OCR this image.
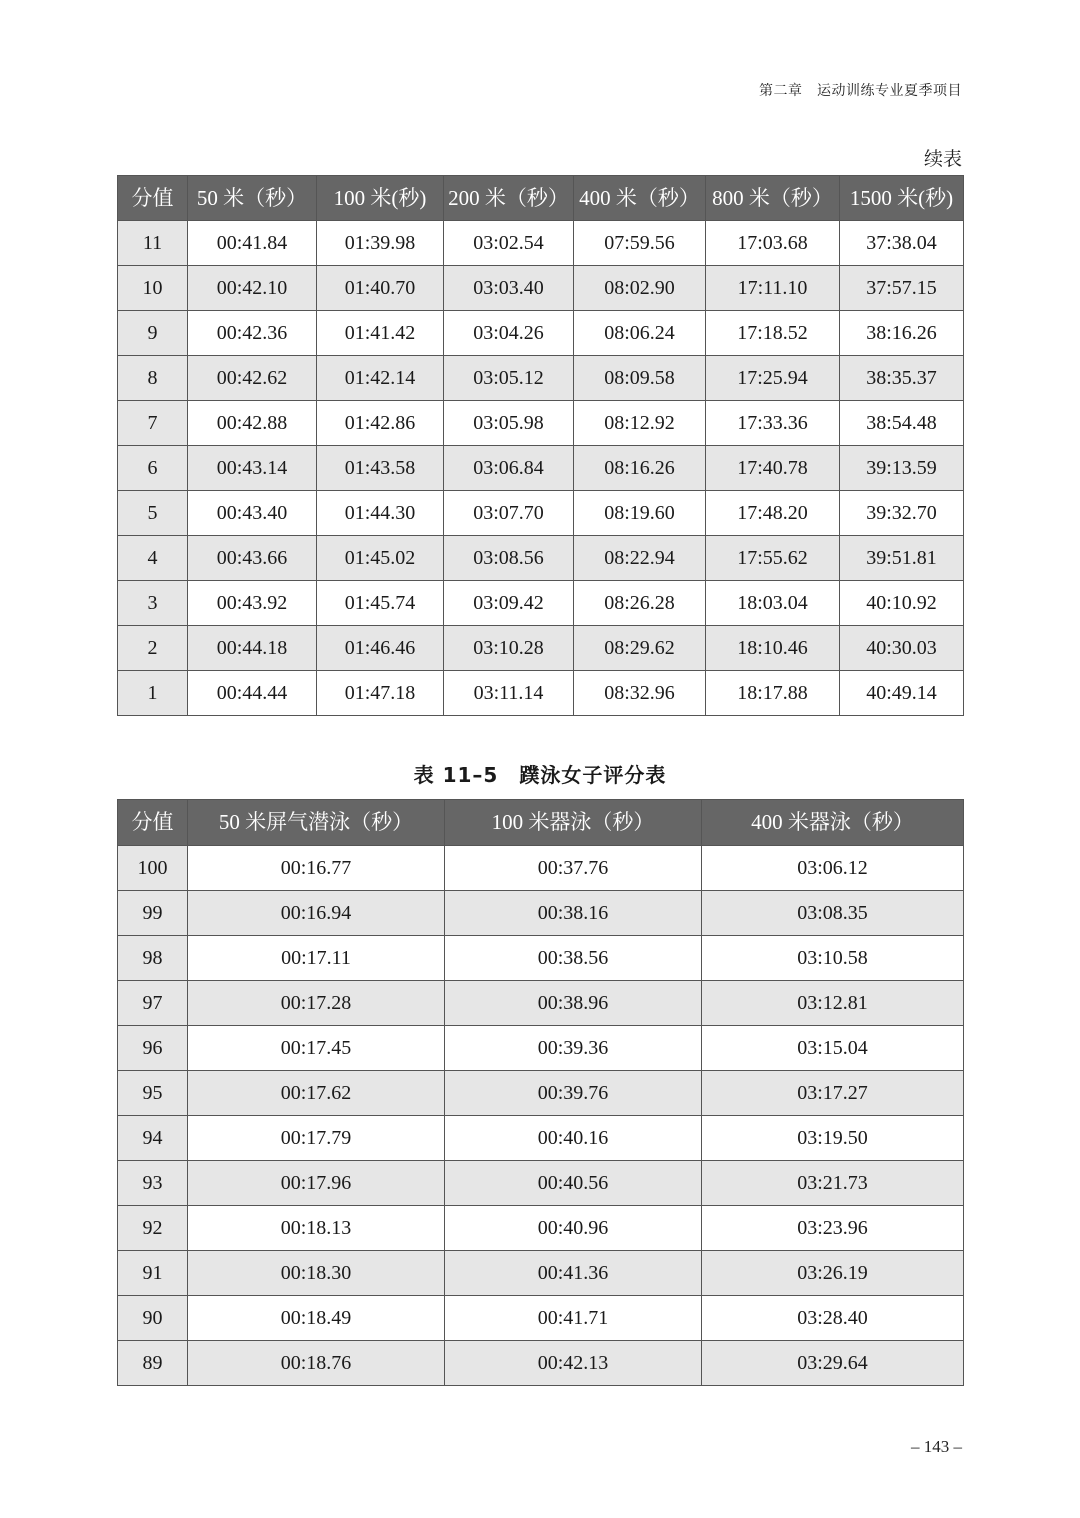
第二章　运动训练专业夏季项目
续表
分值	50 米（秒）	100 米(秒)	200 米（秒）	400 米（秒）	800 米（秒）	1500 米(秒)
11	00:41.84	01:39.98	03:02.54	07:59.56	17:03.68	37:38.04
10	00:42.10	01:40.70	03:03.40	08:02.90	17:11.10	37:57.15
9	00:42.36	01:41.42	03:04.26	08:06.24	17:18.52	38:16.26
8	00:42.62	01:42.14	03:05.12	08:09.58	17:25.94	38:35.37
7	00:42.88	01:42.86	03:05.98	08:12.92	17:33.36	38:54.48
6	00:43.14	01:43.58	03:06.84	08:16.26	17:40.78	39:13.59
5	00:43.40	01:44.30	03:07.70	08:19.60	17:48.20	39:32.70
4	00:43.66	01:45.02	03:08.56	08:22.94	17:55.62	39:51.81
3	00:43.92	01:45.74	03:09.42	08:26.28	18:03.04	40:10.92
2	00:44.18	01:46.46	03:10.28	08:29.62	18:10.46	40:30.03
1	00:44.44	01:47.18	03:11.14	08:32.96	18:17.88	40:49.14
表 11–5　蹼泳女子评分表
分值	50 米屏气潜泳（秒）	100 米器泳（秒）	400 米器泳（秒）
100	00:16.77	00:37.76	03:06.12
99	00:16.94	00:38.16	03:08.35
98	00:17.11	00:38.56	03:10.58
97	00:17.28	00:38.96	03:12.81
96	00:17.45	00:39.36	03:15.04
95	00:17.62	00:39.76	03:17.27
94	00:17.79	00:40.16	03:19.50
93	00:17.96	00:40.56	03:21.73
92	00:18.13	00:40.96	03:23.96
91	00:18.30	00:41.36	03:26.19
90	00:18.49	00:41.71	03:28.40
89	00:18.76	00:42.13	03:29.64
– 143 –
